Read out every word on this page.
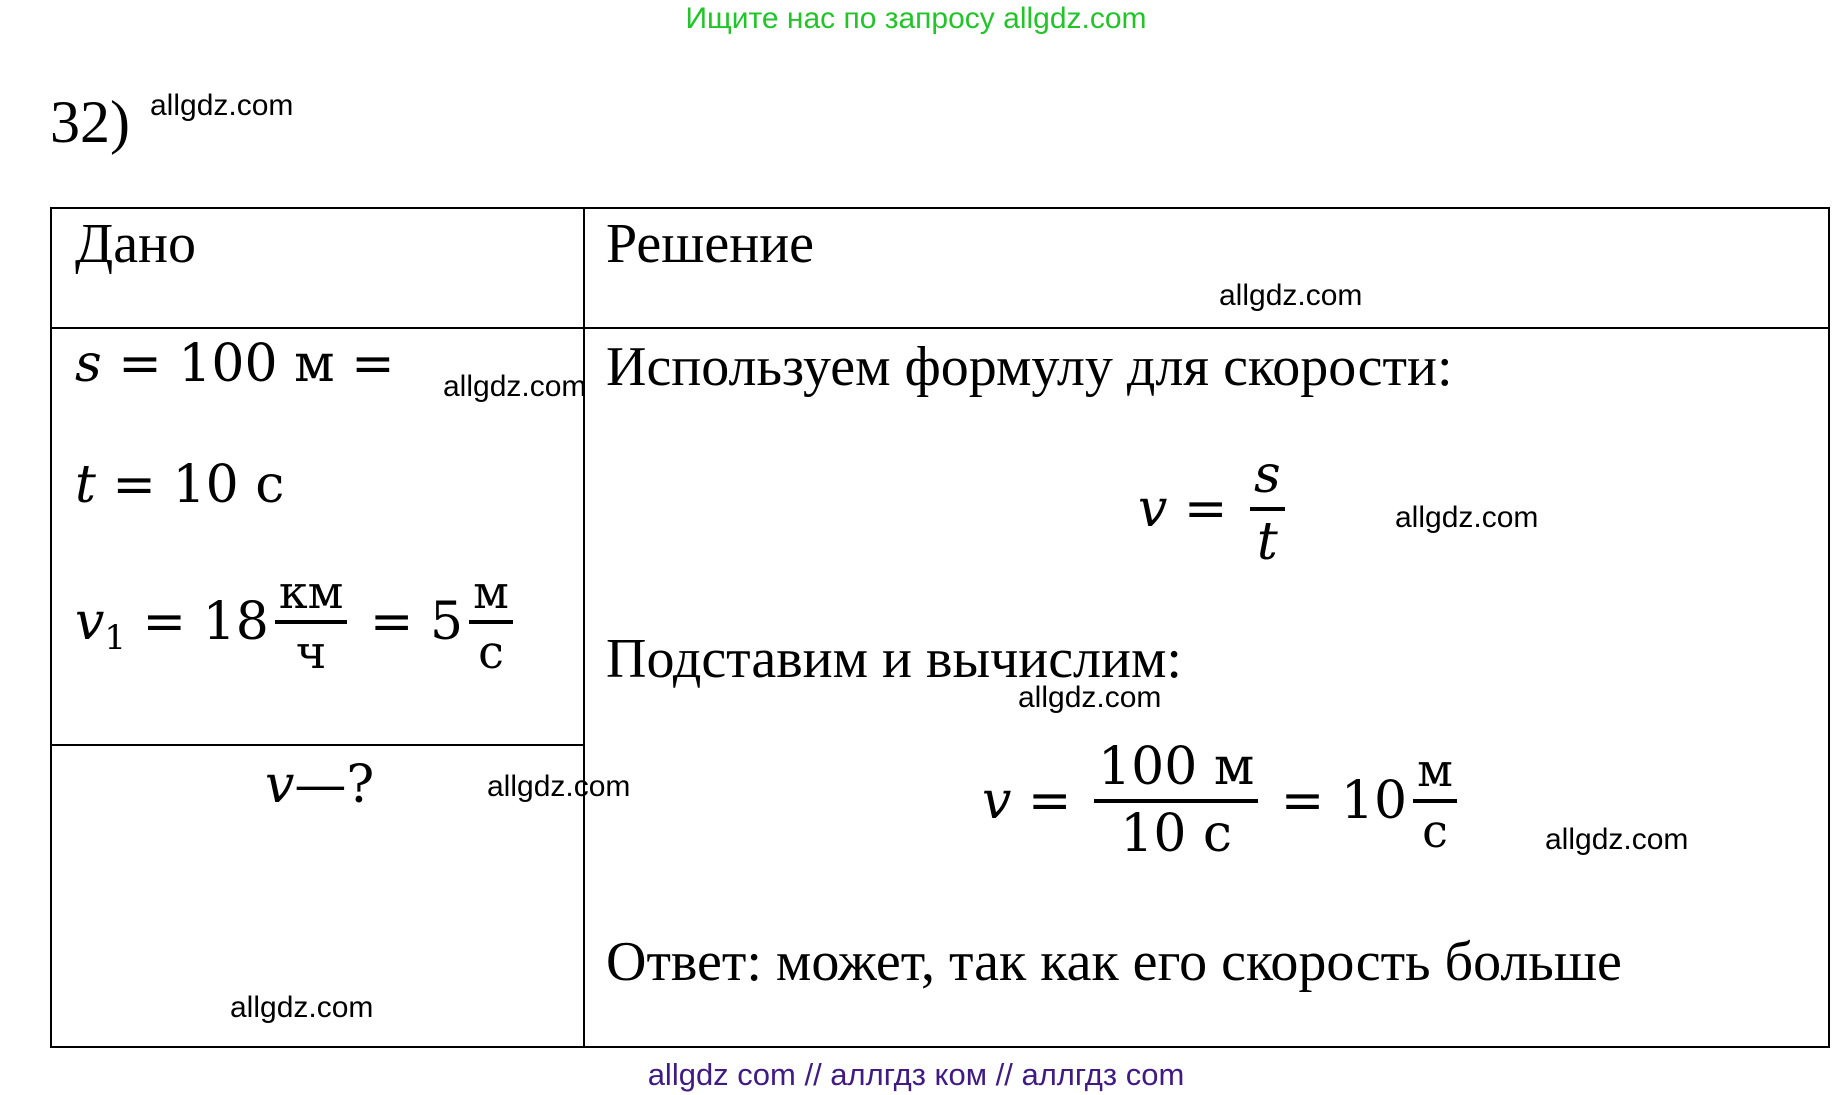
Ищите нас по запросу allgdz.com
allgdz com // аллгдз ком // аллгдз com
32)
Дано	Решение
s = 100 м =
t = 10 с
v $1 = 18 \frac{км}{ч} = 5 \frac{м}{с}$
v —?
Используем формулу для скорости:
$v = \frac{s}{t}$
Подставим и вычислим:
$v = \frac{100 м}{10 с} = 10 \frac{м}{с}$
Ответ: может, так как его скорость больше
allgdz.com
allgdz.com
allgdz.com
allgdz.com
allgdz.com
allgdz.com
allgdz.com
allgdz.com
